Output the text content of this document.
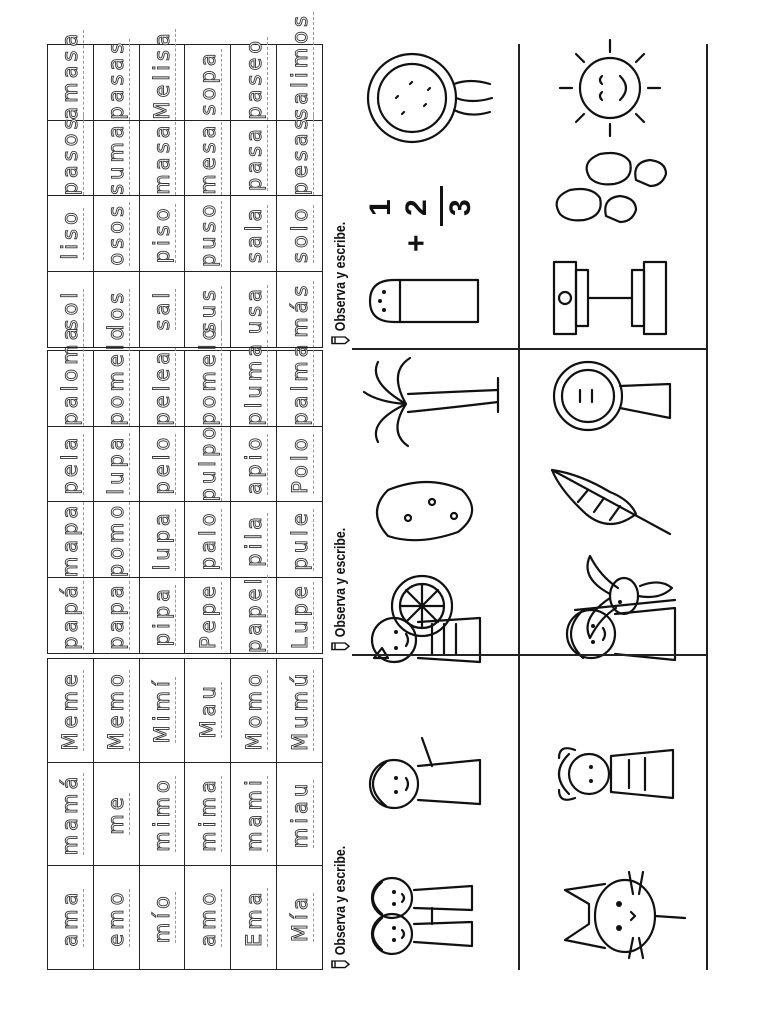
ama	mamá	Meme
emo	me	Memo
mío	mimo	Mimí
amo	mima	Mau
Ema	mami	Momo
Mía	miau	Mumú
Observa y escribe.
papá	mapa	pela	paloma
papa	pomo	lupa	pomelo
pipa	lupa	pelo	pelea
Pepe	palo	pulpo	pomelo
papel	pila	apio	pluma
Lupe	pule	Polo	palma
Observa y escribe.
sol	liso	pasos	amasa
los	osos	suma	pasas
sal	piso	masa	Melisa
sus	puso	mesa	sopa
usa	sala	pasa	paseo
más	solo	pesas	salimos
Observa y escribe.
1
+
2 3
